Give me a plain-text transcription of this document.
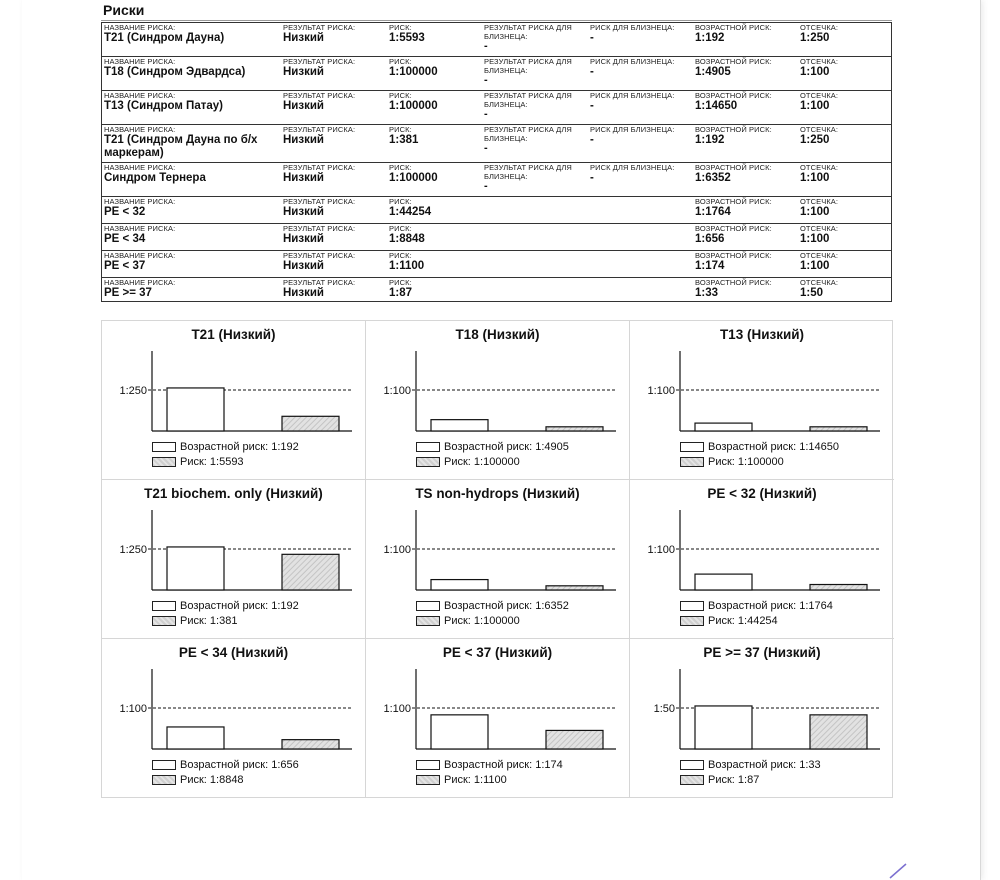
Риски
НАЗВАНИЕ РИСКА:
T21 (Синдром Дауна)
РЕЗУЛЬТАТ РИСКА:
Низкий
РИСК:
1:5593
РЕЗУЛЬТАТ РИСКА ДЛЯ БЛИЗНЕЦА:
-
РИСК ДЛЯ БЛИЗНЕЦА:
-
ВОЗРАСТНОЙ РИСК:
1:192
ОТСЕЧКА:
1:250
НАЗВАНИЕ РИСКА:
T18 (Синдром Эдвардса)
РЕЗУЛЬТАТ РИСКА:
Низкий
РИСК:
1:100000
РЕЗУЛЬТАТ РИСКА ДЛЯ БЛИЗНЕЦА:
-
РИСК ДЛЯ БЛИЗНЕЦА:
-
ВОЗРАСТНОЙ РИСК:
1:4905
ОТСЕЧКА:
1:100
НАЗВАНИЕ РИСКА:
T13 (Синдром Патау)
РЕЗУЛЬТАТ РИСКА:
Низкий
РИСК:
1:100000
РЕЗУЛЬТАТ РИСКА ДЛЯ БЛИЗНЕЦА:
-
РИСК ДЛЯ БЛИЗНЕЦА:
-
ВОЗРАСТНОЙ РИСК:
1:14650
ОТСЕЧКА:
1:100
НАЗВАНИЕ РИСКА:
T21 (Синдром Дауна по б/х маркерам)
РЕЗУЛЬТАТ РИСКА:
Низкий
РИСК:
1:381
РЕЗУЛЬТАТ РИСКА ДЛЯ БЛИЗНЕЦА:
-
РИСК ДЛЯ БЛИЗНЕЦА:
-
ВОЗРАСТНОЙ РИСК:
1:192
ОТСЕЧКА:
1:250
НАЗВАНИЕ РИСКА:
Синдром Тернера
РЕЗУЛЬТАТ РИСКА:
Низкий
РИСК:
1:100000
РЕЗУЛЬТАТ РИСКА ДЛЯ БЛИЗНЕЦА:
-
РИСК ДЛЯ БЛИЗНЕЦА:
-
ВОЗРАСТНОЙ РИСК:
1:6352
ОТСЕЧКА:
1:100
НАЗВАНИЕ РИСКА:
PE < 32
РЕЗУЛЬТАТ РИСКА:
Низкий
РИСК:
1:44254
ВОЗРАСТНОЙ РИСК:
1:1764
ОТСЕЧКА:
1:100
НАЗВАНИЕ РИСКА:
PE < 34
РЕЗУЛЬТАТ РИСКА:
Низкий
РИСК:
1:8848
ВОЗРАСТНОЙ РИСК:
1:656
ОТСЕЧКА:
1:100
НАЗВАНИЕ РИСКА:
PE < 37
РЕЗУЛЬТАТ РИСКА:
Низкий
РИСК:
1:1100
ВОЗРАСТНОЙ РИСК:
1:174
ОТСЕЧКА:
1:100
НАЗВАНИЕ РИСКА:
PE >= 37
РЕЗУЛЬТАТ РИСКА:
Низкий
РИСК:
1:87
ВОЗРАСТНОЙ РИСК:
1:33
ОТСЕЧКА:
1:50
T21 (Низкий)
1:250
Возрастной риск: 1:192
Риск: 1:5593
T18 (Низкий)
1:100
Возрастной риск: 1:4905
Риск: 1:100000
T13 (Низкий)
1:100
Возрастной риск: 1:14650
Риск: 1:100000
T21 biochem. only (Низкий)
1:250
Возрастной риск: 1:192
Риск: 1:381
TS non-hydrops (Низкий)
1:100
Возрастной риск: 1:6352
Риск: 1:100000
PE < 32 (Низкий)
1:100
Возрастной риск: 1:1764
Риск: 1:44254
PE < 34 (Низкий)
1:100
Возрастной риск: 1:656
Риск: 1:8848
PE < 37 (Низкий)
1:100
Возрастной риск: 1:174
Риск: 1:1100
PE >= 37 (Низкий)
1:50
Возрастной риск: 1:33
Риск: 1:87
